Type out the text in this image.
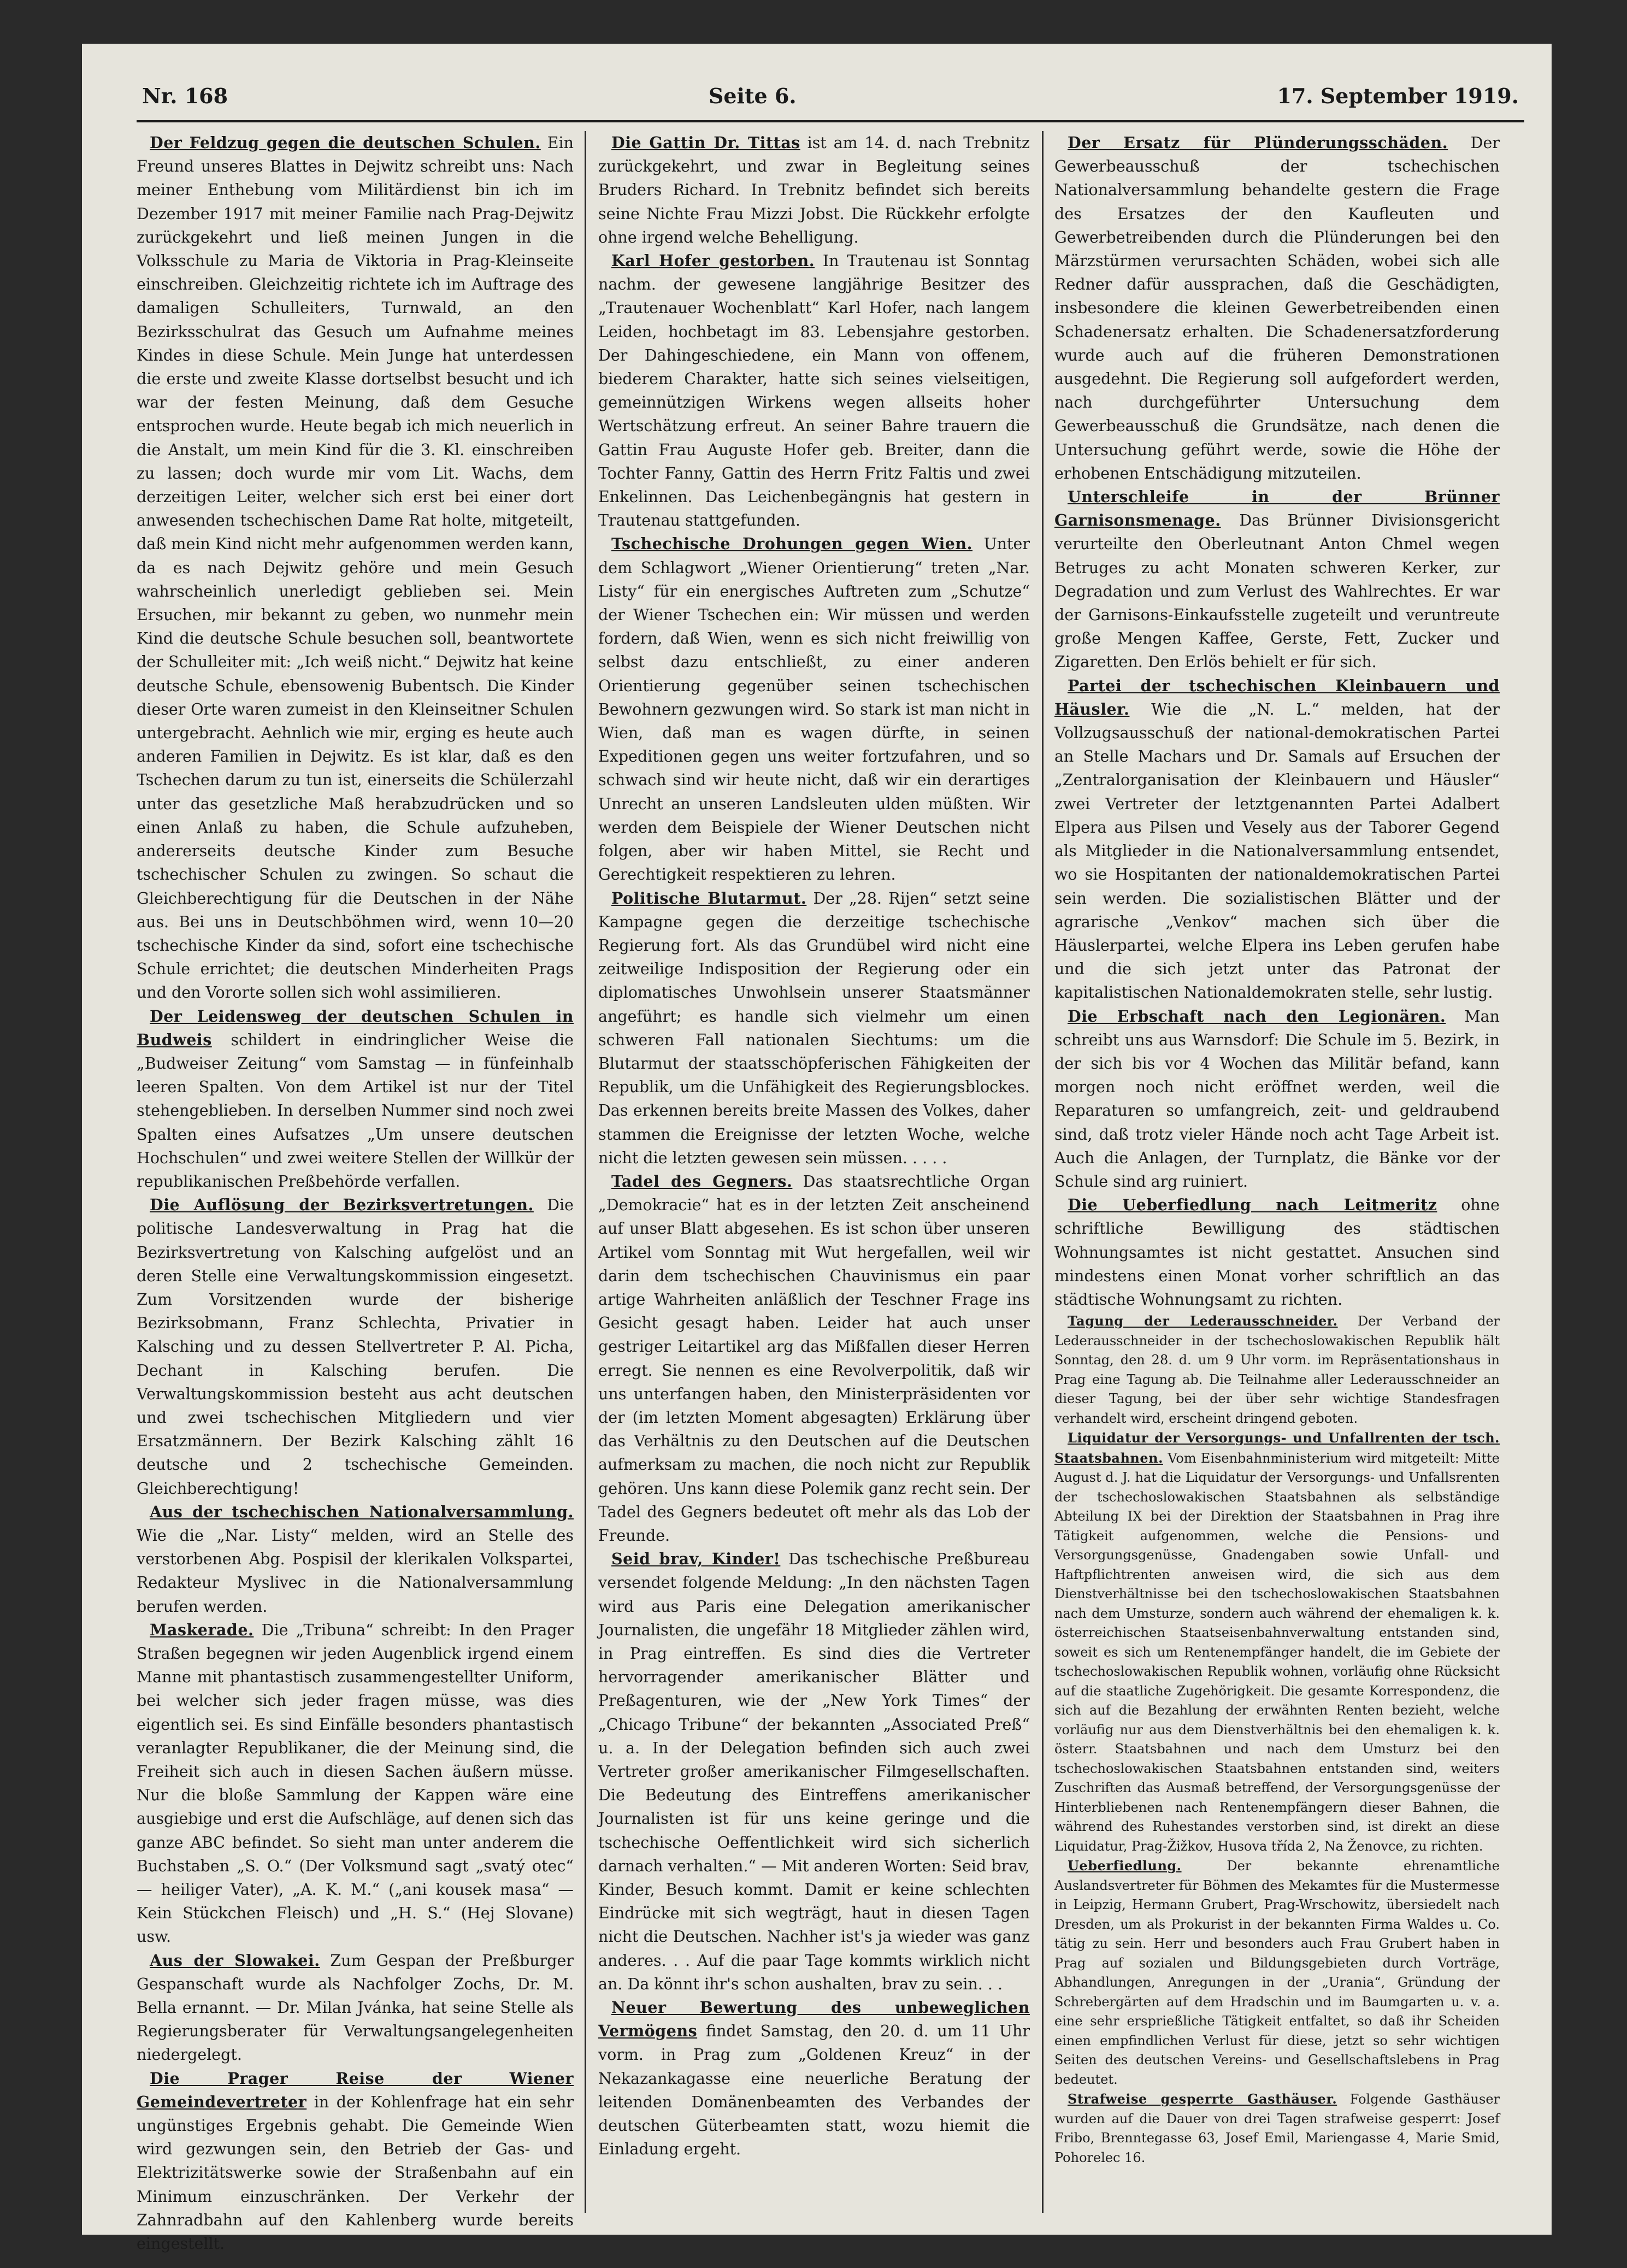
Nr. 168	Seite 6.	17. September 1919.

Der Feldzug gegen die deutschen Schulen. Ein Freund unseres Blattes in Dejwitz schreibt uns: Nach meiner Enthebung vom Militärdienst bin ich im Dezember 1917 mit meiner Familie nach Prag-Dejwitz zurückgekehrt und ließ meinen Jungen in die Volksschule zu Maria de Viktoria in Prag-Kleinseite einschreiben. Gleichzeitig richtete ich im Auftrage des damaligen Schulleiters, Turnwald, an den Bezirksschulrat das Gesuch um Aufnahme meines Kindes in diese Schule. Mein Junge hat unterdessen die erste und zweite Klasse dortselbst besucht und ich war der festen Meinung, daß dem Gesuche entsprochen wurde. Heute begab ich mich neuerlich in die Anstalt, um mein Kind für die 3. Kl. einschreiben zu lassen; doch wurde mir vom Lit. Wachs, dem derzeitigen Leiter, welcher sich erst bei einer dort anwesenden tschechischen Dame Rat holte, mitgeteilt, daß mein Kind nicht mehr aufgenommen werden kann, da es nach Dejwitz gehöre und mein Gesuch wahrscheinlich unerledigt geblieben sei. Mein Ersuchen, mir bekannt zu geben, wo nunmehr mein Kind die deutsche Schule besuchen soll, beantwortete der Schulleiter mit: „Ich weiß nicht.“ Dejwitz hat keine deutsche Schule, ebensowenig Bubentsch. Die Kinder dieser Orte waren zumeist in den Kleinseitner Schulen untergebracht. Aehnlich wie mir, erging es heute auch anderen Familien in Dejwitz. Es ist klar, daß es den Tschechen darum zu tun ist, einerseits die Schülerzahl unter das gesetzliche Maß herabzudrücken und so einen Anlaß zu haben, die Schule aufzuheben, andererseits deutsche Kinder zum Besuche tschechischer Schulen zu zwingen. So schaut die Gleichberechtigung für die Deutschen in der Nähe aus. Bei uns in Deutschböhmen wird, wenn 10—20 tschechische Kinder da sind, sofort eine tschechische Schule errichtet; die deutschen Minderheiten Prags und den Vororte sollen sich wohl assimilieren.

Der Leidensweg der deutschen Schulen in Budweis schildert in eindringlicher Weise die „Budweiser Zeitung“ vom Samstag — in fünfeinhalb leeren Spalten. Von dem Artikel ist nur der Titel stehengeblieben. In derselben Nummer sind noch zwei Spalten eines Aufsatzes „Um unsere deutschen Hochschulen“ und zwei weitere Stellen der Willkür der republikanischen Preßbehörde verfallen.

Die Auflösung der Bezirksvertretungen. Die politische Landesverwaltung in Prag hat die Bezirksvertretung von Kalsching aufgelöst und an deren Stelle eine Verwaltungskommission eingesetzt. Zum Vorsitzenden wurde der bisherige Bezirksobmann, Franz Schlechta, Privatier in Kalsching und zu dessen Stellvertreter P. Al. Picha, Dechant in Kalsching berufen. Die Verwaltungskommission besteht aus acht deutschen und zwei tschechischen Mitgliedern und vier Ersatzmännern. Der Bezirk Kalsching zählt 16 deutsche und 2 tschechische Gemeinden. Gleichberechtigung!

Aus der tschechischen Nationalversammlung. Wie die „Nar. Listy“ melden, wird an Stelle des verstorbenen Abg. Pospisil der klerikalen Volkspartei, Redakteur Myslivec in die Nationalversammlung berufen werden.

Maskerade. Die „Tribuna“ schreibt: In den Prager Straßen begegnen wir jeden Augenblick irgend einem Manne mit phantastisch zusammengestellter Uniform, bei welcher sich jeder fragen müsse, was dies eigentlich sei. Es sind Einfälle besonders phantastisch veranlagter Republikaner, die der Meinung sind, die Freiheit sich auch in diesen Sachen äußern müsse. Nur die bloße Sammlung der Kappen wäre eine ausgiebige und erst die Aufschläge, auf denen sich das ganze ABC befindet. So sieht man unter anderem die Buchstaben „S. O.“ (Der Volksmund sagt „svatý otec“ — heiliger Vater), „A. K. M.“ („ani kousek masa“ — Kein Stückchen Fleisch) und „H. S.“ (Hej Slovane) usw.

Aus der Slowakei. Zum Gespan der Preßburger Gespanschaft wurde als Nachfolger Zochs, Dr. M. Bella ernannt. — Dr. Milan Jvánka, hat seine Stelle als Regierungsberater für Verwaltungsangelegenheiten niedergelegt.

Die Prager Reise der Wiener Gemeindevertreter in der Kohlenfrage hat ein sehr ungünstiges Ergebnis gehabt. Die Gemeinde Wien wird gezwungen sein, den Betrieb der Gas- und Elektrizitätswerke sowie der Straßenbahn auf ein Minimum einzuschränken. Der Verkehr der Zahnradbahn auf den Kahlenberg wurde bereits eingestellt.

Die Gattin Dr. Tittas ist am 14. d. nach Trebnitz zurückgekehrt, und zwar in Begleitung seines Bruders Richard. In Trebnitz befindet sich bereits seine Nichte Frau Mizzi Jobst. Die Rückkehr erfolgte ohne irgend welche Behelligung.

Karl Hofer gestorben. In Trautenau ist Sonntag nachm. der gewesene langjährige Besitzer des „Trautenauer Wochenblatt“ Karl Hofer, nach langem Leiden, hochbetagt im 83. Lebensjahre gestorben. Der Dahingeschiedene, ein Mann von offenem, biederem Charakter, hatte sich seines vielseitigen, gemeinnützigen Wirkens wegen allseits hoher Wertschätzung erfreut. An seiner Bahre trauern die Gattin Frau Auguste Hofer geb. Breiter, dann die Tochter Fanny, Gattin des Herrn Fritz Faltis und zwei Enkelinnen. Das Leichenbegängnis hat gestern in Trautenau stattgefunden.

Tschechische Drohungen gegen Wien. Unter dem Schlagwort „Wiener Orientierung“ treten „Nar. Listy“ für ein energisches Auftreten zum „Schutze“ der Wiener Tschechen ein: Wir müssen und werden fordern, daß Wien, wenn es sich nicht freiwillig von selbst dazu entschließt, zu einer anderen Orientierung gegenüber seinen tschechischen Bewohnern gezwungen wird. So stark ist man nicht in Wien, daß man es wagen dürfte, in seinen Expeditionen gegen uns weiter fortzufahren, und so schwach sind wir heute nicht, daß wir ein derartiges Unrecht an unseren Landsleuten ulden müßten. Wir werden dem Beispiele der Wiener Deutschen nicht folgen, aber wir haben Mittel, sie Recht und Gerechtigkeit respektieren zu lehren.

Politische Blutarmut. Der „28. Rijen“ setzt seine Kampagne gegen die derzeitige tschechische Regierung fort. Als das Grundübel wird nicht eine zeitweilige Indisposition der Regierung oder ein diplomatisches Unwohlsein unserer Staatsmänner angeführt; es handle sich vielmehr um einen schweren Fall nationalen Siechtums: um die Blutarmut der staatsschöpferischen Fähigkeiten der Republik, um die Unfähigkeit des Regierungsblockes. Das erkennen bereits breite Massen des Volkes, daher stammen die Ereignisse der letzten Woche, welche nicht die letzten gewesen sein müssen. . . . .

Tadel des Gegners. Das staatsrechtliche Organ „Demokracie“ hat es in der letzten Zeit anscheinend auf unser Blatt abgesehen. Es ist schon über unseren Artikel vom Sonntag mit Wut hergefallen, weil wir darin dem tschechischen Chauvinismus ein paar artige Wahrheiten anläßlich der Teschner Frage ins Gesicht gesagt haben. Leider hat auch unser gestriger Leitartikel arg das Mißfallen dieser Herren erregt. Sie nennen es eine Revolverpolitik, daß wir uns unterfangen haben, den Ministerpräsidenten vor der (im letzten Moment abgesagten) Erklärung über das Verhältnis zu den Deutschen auf die Deutschen aufmerksam zu machen, die noch nicht zur Republik gehören. Uns kann diese Polemik ganz recht sein. Der Tadel des Gegners bedeutet oft mehr als das Lob der Freunde.

Seid brav, Kinder! Das tschechische Preßbureau versendet folgende Meldung: „In den nächsten Tagen wird aus Paris eine Delegation amerikanischer Journalisten, die ungefähr 18 Mitglieder zählen wird, in Prag eintreffen. Es sind dies die Vertreter hervorragender amerikanischer Blätter und Preßagenturen, wie der „New York Times“ der „Chicago Tribune“ der bekannten „Associated Preß“ u. a. In der Delegation befinden sich auch zwei Vertreter großer amerikanischer Filmgesellschaften. Die Bedeutung des Eintreffens amerikanischer Journalisten ist für uns keine geringe und die tschechische Oeffentlichkeit wird sich sicherlich darnach verhalten.“ — Mit anderen Worten: Seid brav, Kinder, Besuch kommt. Damit er keine schlechten Eindrücke mit sich wegträgt, haut in diesen Tagen nicht die Deutschen. Nachher ist's ja wieder was ganz anderes. . . Auf die paar Tage kommts wirklich nicht an. Da könnt ihr's schon aushalten, brav zu sein. . .

Neuer Bewertung des unbeweglichen Vermögens findet Samstag, den 20. d. um 11 Uhr vorm. in Prag zum „Goldenen Kreuz“ in der Nekazankagasse eine neuerliche Beratung der leitenden Domänenbeamten des Verbandes der deutschen Güterbeamten statt, wozu hiemit die Einladung ergeht.

Der Ersatz für Plünderungsschäden. Der Gewerbeausschuß der tschechischen Nationalversammlung behandelte gestern die Frage des Ersatzes der den Kaufleuten und Gewerbetreibenden durch die Plünderungen bei den Märzstürmen verursachten Schäden, wobei sich alle Redner dafür aussprachen, daß die Geschädigten, insbesondere die kleinen Gewerbetreibenden einen Schadenersatz erhalten. Die Schadenersatzforderung wurde auch auf die früheren Demonstrationen ausgedehnt. Die Regierung soll aufgefordert werden, nach durchgeführter Untersuchung dem Gewerbeausschuß die Grundsätze, nach denen die Untersuchung geführt werde, sowie die Höhe der erhobenen Entschädigung mitzuteilen.

Unterschleife in der Brünner Garnisonsmenage. Das Brünner Divisionsgericht verurteilte den Oberleutnant Anton Chmel wegen Betruges zu acht Monaten schweren Kerker, zur Degradation und zum Verlust des Wahlrechtes. Er war der Garnisons-Einkaufsstelle zugeteilt und veruntreute große Mengen Kaffee, Gerste, Fett, Zucker und Zigaretten. Den Erlös behielt er für sich.

Partei der tschechischen Kleinbauern und Häusler. Wie die „N. L.“ melden, hat der Vollzugsausschuß der national-demokratischen Partei an Stelle Machars und Dr. Samals auf Ersuchen der „Zentralorganisation der Kleinbauern und Häusler“ zwei Vertreter der letztgenannten Partei Adalbert Elpera aus Pilsen und Vesely aus der Taborer Gegend als Mitglieder in die Nationalversammlung entsendet, wo sie Hospitanten der nationaldemokratischen Partei sein werden. Die sozialistischen Blätter und der agrarische „Venkov“ machen sich über die Häuslerpartei, welche Elpera ins Leben gerufen habe und die sich jetzt unter das Patronat der kapitalistischen Nationaldemokraten stelle, sehr lustig.

Die Erbschaft nach den Legionären. Man schreibt uns aus Warnsdorf: Die Schule im 5. Bezirk, in der sich bis vor 4 Wochen das Militär befand, kann morgen noch nicht eröffnet werden, weil die Reparaturen so umfangreich, zeit- und geldraubend sind, daß trotz vieler Hände noch acht Tage Arbeit ist. Auch die Anlagen, der Turnplatz, die Bänke vor der Schule sind arg ruiniert.

Die Ueberfiedlung nach Leitmeritz ohne schriftliche Bewilligung des städtischen Wohnungsamtes ist nicht gestattet. Ansuchen sind mindestens einen Monat vorher schriftlich an das städtische Wohnungsamt zu richten.

Tagung der Lederausschneider. Der Verband der Lederausschneider in der tschechoslowakischen Republik hält Sonntag, den 28. d. um 9 Uhr vorm. im Repräsentationshaus in Prag eine Tagung ab. Die Teilnahme aller Lederausschneider an dieser Tagung, bei der über sehr wichtige Standesfragen verhandelt wird, erscheint dringend geboten.

Liquidatur der Versorgungs- und Unfallrenten der tsch. Staatsbahnen. Vom Eisenbahnministerium wird mitgeteilt: Mitte August d. J. hat die Liquidatur der Versorgungs- und Unfallsrenten der tschechoslowakischen Staatsbahnen als selbständige Abteilung IX bei der Direktion der Staatsbahnen in Prag ihre Tätigkeit aufgenommen, welche die Pensions- und Versorgungsgenüsse, Gnadengaben sowie Unfall- und Haftpflichtrenten anweisen wird, die sich aus dem Dienstverhältnisse bei den tschechoslowakischen Staatsbahnen nach dem Umsturze, sondern auch während der ehemaligen k. k. österreichischen Staatseisenbahnverwaltung entstanden sind, soweit es sich um Rentenempfänger handelt, die im Gebiete der tschechoslowakischen Republik wohnen, vorläufig ohne Rücksicht auf die staatliche Zugehörigkeit. Die gesamte Korrespondenz, die sich auf die Bezahlung der erwähnten Renten bezieht, welche vorläufig nur aus dem Dienstverhältnis bei den ehemaligen k. k. österr. Staatsbahnen und nach dem Umsturz bei den tschechoslowakischen Staatsbahnen entstanden sind, weiters Zuschriften das Ausmaß betreffend, der Versorgungsgenüsse der Hinterbliebenen nach Rentenempfängern dieser Bahnen, die während des Ruhestandes verstorben sind, ist direkt an diese Liquidatur, Prag-Žižkov, Husova třída 2, Na Ženovce, zu richten.

Ueberfiedlung.	Der bekannte ehrenamtliche Auslandsvertreter für Böhmen des Mekamtes für die Mustermesse in Leipzig, Hermann Grubert, Prag-Wrschowitz, übersiedelt nach Dresden, um als Prokurist in der bekannten Firma Waldes u. Co. tätig zu sein. Herr und besonders auch Frau Grubert haben in Prag auf sozialen und Bildungsgebieten durch Vorträge, Abhandlungen, Anregungen in der „Urania“, Gründung der Schrebergärten auf dem Hradschin und im Baumgarten u. v. a. eine sehr ersprießliche Tätigkeit entfaltet, so daß ihr Scheiden einen empfindlichen Verlust für diese, jetzt so sehr wichtigen Seiten des deutschen Vereins- und Gesellschaftslebens in Prag bedeutet.

Strafweise gesperrte Gasthäuser. Folgende Gasthäuser wurden auf die Dauer von drei Tagen strafweise gesperrt: Josef Fribo, Brenntegasse 63, Josef Emil, Mariengasse 4, Marie Smid, Pohorelec 16.
